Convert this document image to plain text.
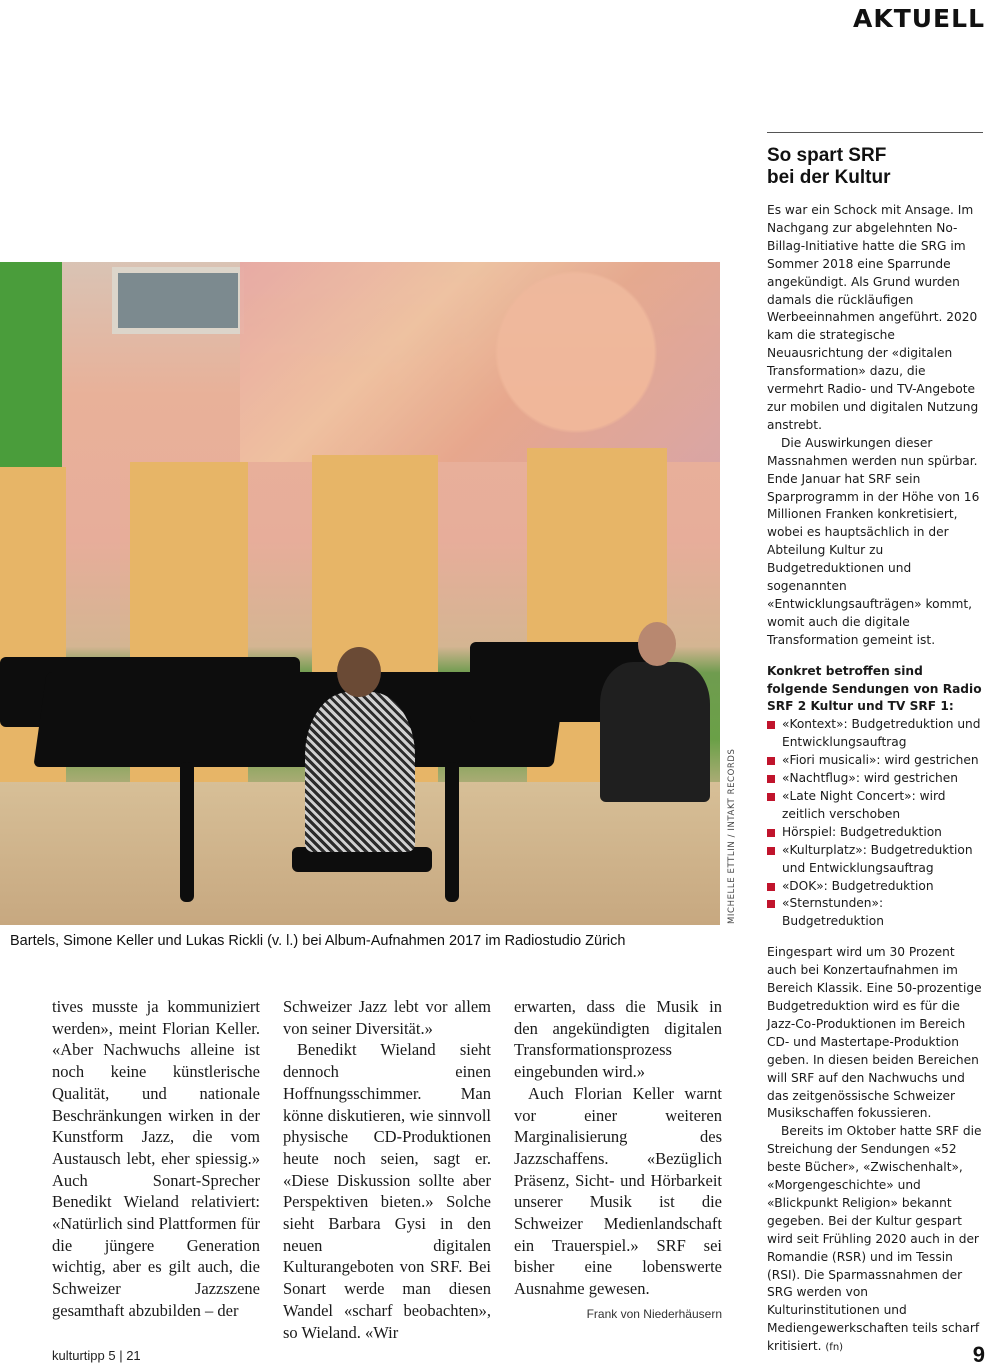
AKTUELL
MICHELLE ETTLIN / INTAKT RECORDS
Bartels, Simone Keller und Lukas Rickli (v. l.) bei Album-Aufnahmen 2017 im Radiostudio Zürich

tives musste ja kommuniziert werden», meint Florian Keller. «Aber Nachwuchs alleine ist noch keine künstlerische Qualität, und nationale Beschränkungen wirken in der Kunstform Jazz, die vom Austausch lebt, eher spiessig.» Auch Sonart-Sprecher Benedikt Wieland relativiert: «Natürlich sind Plattformen für die jüngere Generation wichtig, aber es gilt auch, die Schweizer Jazzszene gesamthaft abzubilden – der

Schweizer Jazz lebt vor allem von seiner Diversität.»

Benedikt Wieland sieht dennoch einen Hoffnungsschimmer. Man könne diskutieren, wie sinnvoll physische CD-Produktionen heute noch seien, sagt er. «Diese Diskussion sollte aber Perspektiven bieten.» Solche sieht Barbara Gysi in den neuen digitalen Kulturangeboten von SRF. Bei Sonart werde man diesen Wandel «scharf beobachten», so Wieland. «Wir

erwarten, dass die Musik in den angekündigten digitalen Transformationsprozess eingebunden wird.»

Auch Florian Keller warnt vor einer weiteren Marginalisierung des Jazzschaffens. «Bezüglich Präsenz, Sicht- und Hörbarkeit unserer Musik ist die Schweizer Medienlandschaft ein Trauerspiel.» SRF sei bisher eine lobenswerte Ausnahme gewesen.

Frank von Niederhäusern
So spart SRF
bei der Kultur

Es war ein Schock mit Ansage. Im Nachgang zur abgelehnten No-Billag-Initiative hatte die SRG im Sommer 2018 eine Sparrunde angekündigt. Als Grund wurden damals die rückläufigen Werbeeinnahmen angeführt. 2020 kam die strategische Neuausrichtung der «digitalen Transformation» dazu, die vermehrt Radio- und TV-Angebote zur mobilen und digitalen Nutzung anstrebt.

Die Auswirkungen dieser Massnahmen werden nun spürbar. Ende Januar hat SRF sein Sparprogramm in der Höhe von 16 Millionen Franken konkretisiert, wobei es hauptsächlich in der Abteilung Kultur zu Budgetreduktionen und sogenannten «Entwicklungsaufträgen» kommt, womit auch die digitale Transformation gemeint ist.

Konkret betroffen sind folgende Sendungen von Radio SRF 2 Kultur und TV SRF 1:

«Kontext»: Budgetreduktion und Entwicklungsauftrag
«Fiori musicali»: wird gestrichen
«Nachtflug»: wird gestrichen
«Late Night Concert»: wird zeitlich verschoben
Hörspiel: Budgetreduktion
«Kulturplatz»: Budgetreduktion und Entwicklungsauftrag
«DOK»: Budgetreduktion
«Sternstunden»: Budgetreduktion

Eingespart wird um 30 Prozent auch bei Konzertaufnahmen im Bereich Klassik. Eine 50-prozentige Budgetreduktion wird es für die Jazz-Co-Produktionen im Bereich CD- und Mastertape-Produktion geben. In diesen beiden Bereichen will SRF auf den Nachwuchs und das zeitgenössische Schweizer Musikschaffen fokussieren.

Bereits im Oktober hatte SRF die Streichung der Sendungen «52 beste Bücher», «Zwischenhalt», «Morgengeschichte» und «Blickpunkt Religion» bekannt gegeben. Bei der Kultur gespart wird seit Frühling 2020 auch in der Romandie (RSR) und im Tessin (RSI). Die Sparmassnahmen der SRG werden von Kulturinstitutionen und Mediengewerkschaften teils scharf kritisiert. (fn)

kulturtipp 5 | 21	9
